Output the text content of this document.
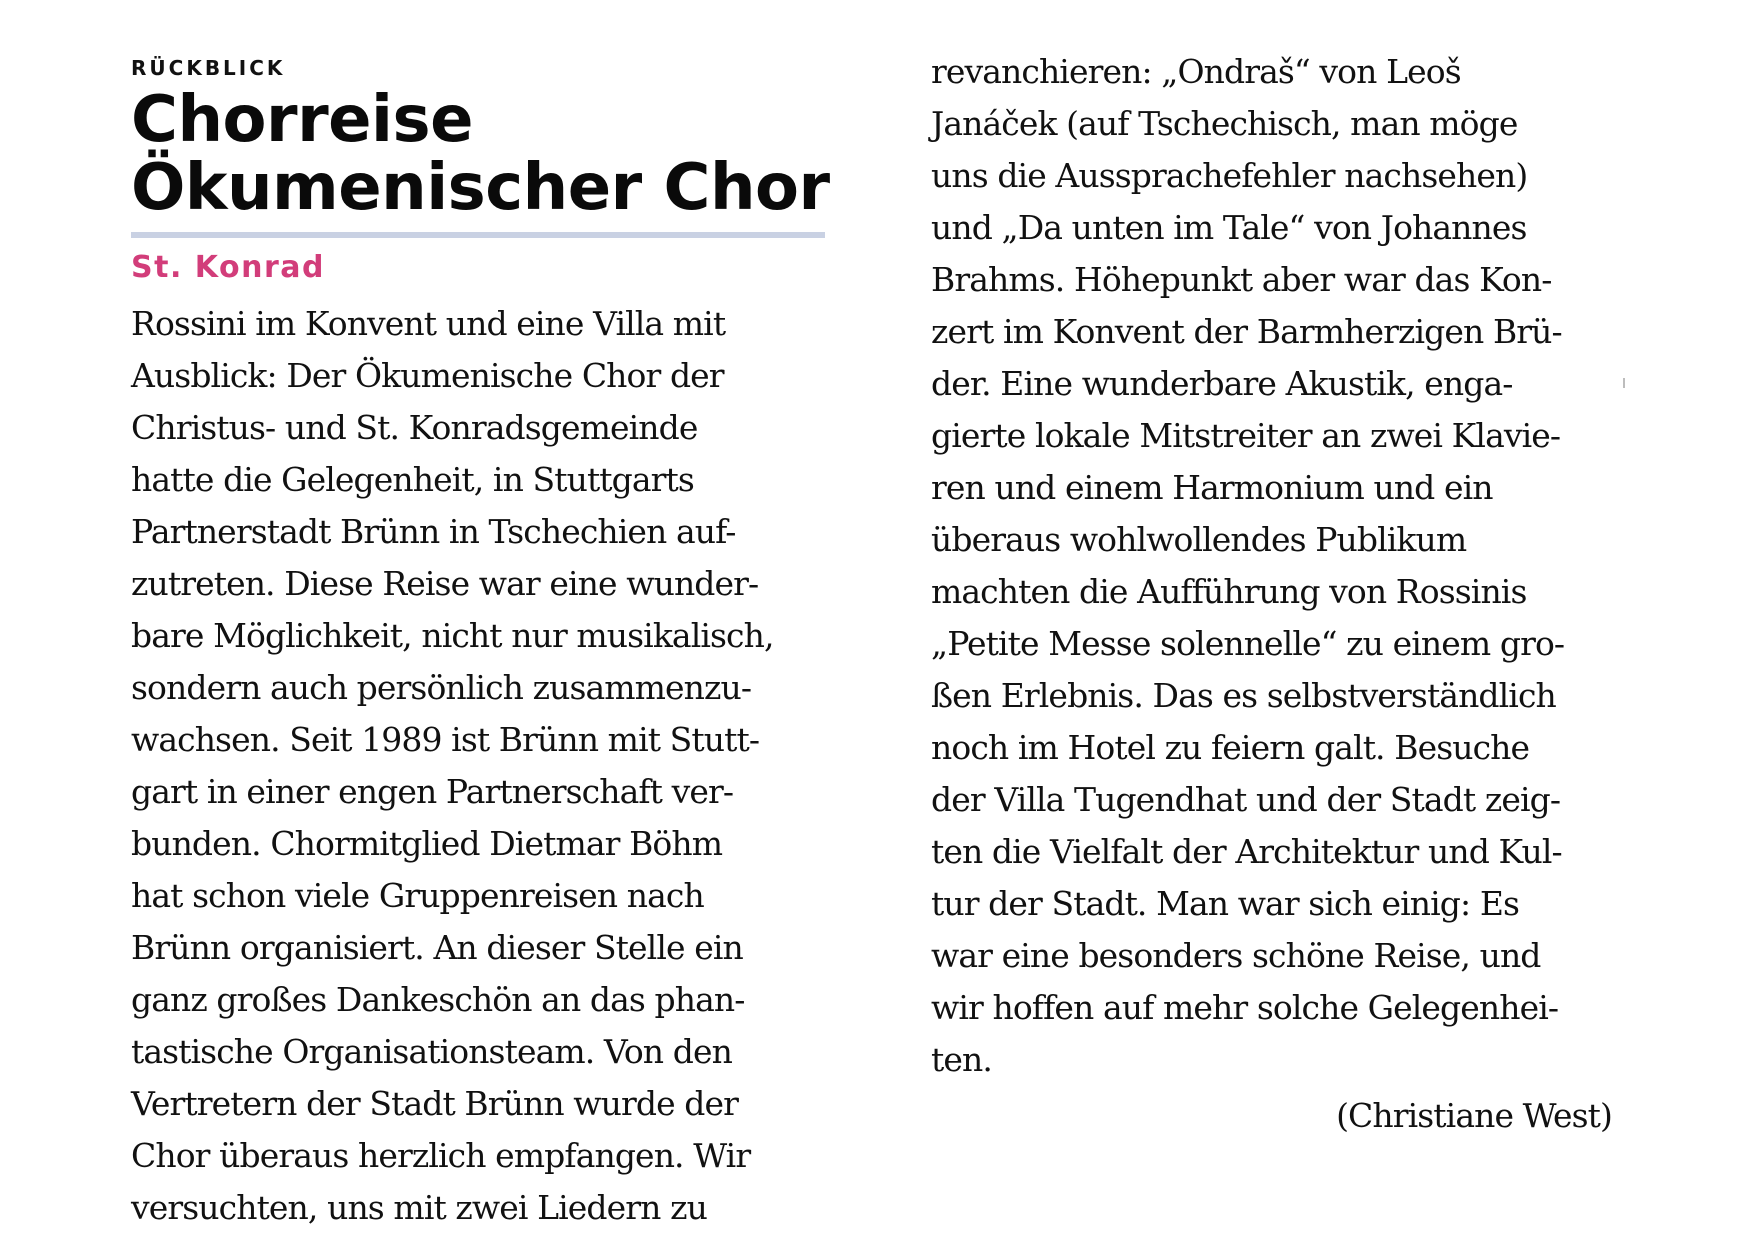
RÜCKBLICK
Chorreise
Ökumenischer Chor
St. Konrad
Rossini im Konvent und eine Villa mit
Ausblick: Der Ökumenische Chor der
Christus- und St. Konradsgemeinde
hatte die Gelegenheit, in Stuttgarts
Partnerstadt Brünn in Tschechien auf-
zutreten. Diese Reise war eine wunder-
bare Möglichkeit, nicht nur musikalisch,
sondern auch persönlich zusammenzu-
wachsen. Seit 1989 ist Brünn mit Stutt-
gart in einer engen Partnerschaft ver-
bunden. Chormitglied Dietmar Böhm
hat schon viele Gruppenreisen nach
Brünn organisiert. An dieser Stelle ein
ganz großes Dankeschön an das phan-
tastische Organisationsteam. Von den
Vertretern der Stadt Brünn wurde der
Chor überaus herzlich empfangen. Wir
versuchten, uns mit zwei Liedern zu
revanchieren: „Ondraš“ von Leoš
Janáček (auf Tschechisch, man möge
uns die Aussprachefehler nachsehen)
und „Da unten im Tale“ von Johannes
Brahms. Höhepunkt aber war das Kon-
zert im Konvent der Barmherzigen Brü-
der. Eine wunderbare Akustik, enga-
gierte lokale Mitstreiter an zwei Klavie-
ren und einem Harmonium und ein
überaus wohlwollendes Publikum
machten die Aufführung von Rossinis
„Petite Messe solennelle“ zu einem gro-
ßen Erlebnis. Das es selbstverständlich
noch im Hotel zu feiern galt. Besuche
der Villa Tugendhat und der Stadt zeig-
ten die Vielfalt der Architektur und Kul-
tur der Stadt. Man war sich einig: Es
war eine besonders schöne Reise, und
wir hoffen auf mehr solche Gelegenhei-
ten.
(Christiane West)
